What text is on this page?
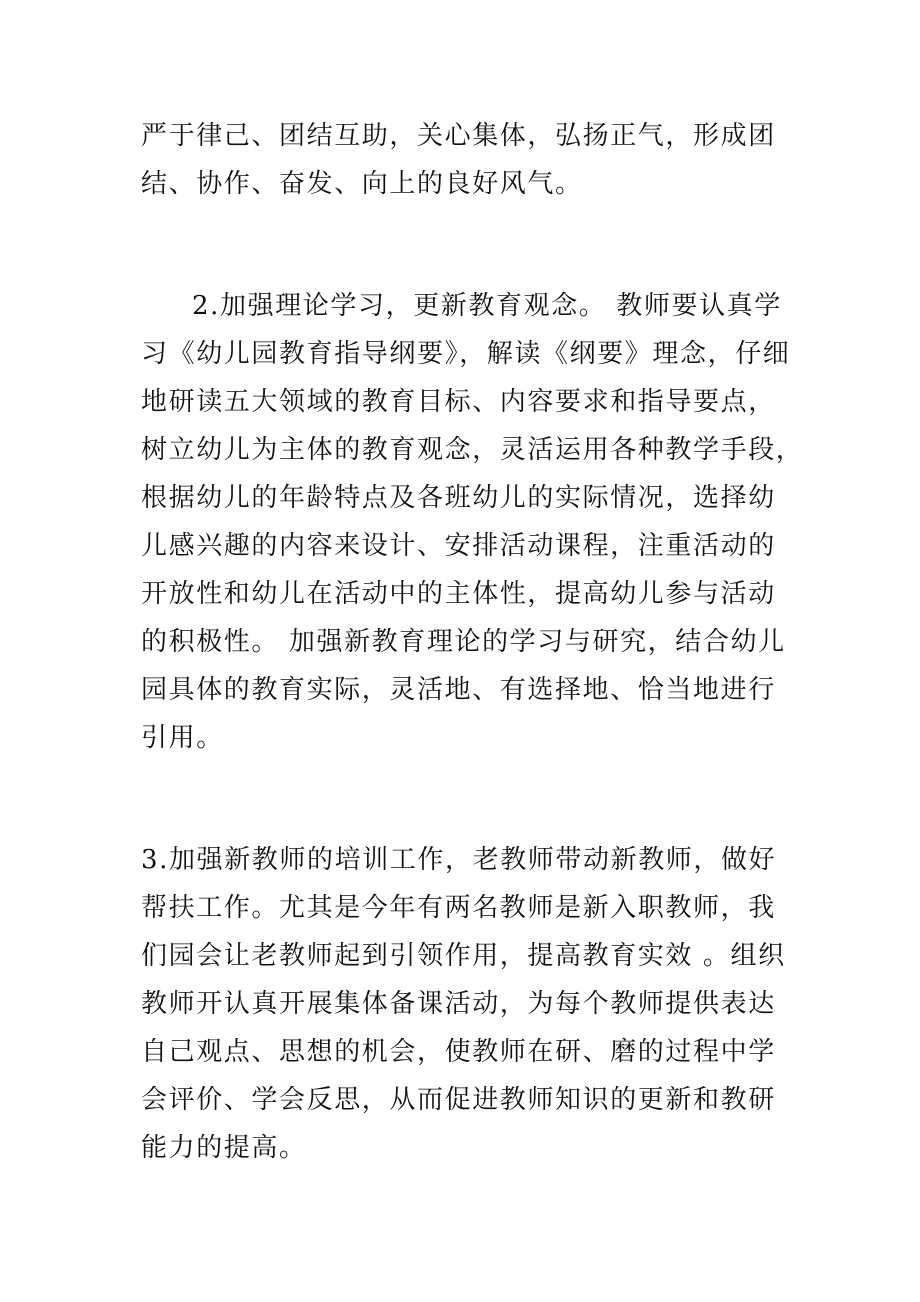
严于律己、团结互助，关心集体，弘扬正气，形成团
结、协作、奋发、向上的良好风气。
2.加强理论学习，更新教育观念。 教师要认真学
习《幼儿园教育指导纲要》，解读《纲要》理念，仔细
地研读五大领域的教育目标、内容要求和指导要点，
树立幼儿为主体的教育观念，灵活运用各种教学手段，
根据幼儿的年龄特点及各班幼儿的实际情况，选择幼
儿感兴趣的内容来设计、安排活动课程，注重活动的
开放性和幼儿在活动中的主体性，提高幼儿参与活动
的积极性。 加强新教育理论的学习与研究，结合幼儿
园具体的教育实际，灵活地、有选择地、恰当地进行
引用。
3.加强新教师的培训工作，老教师带动新教师，做好
帮扶工作。尤其是今年有两名教师是新入职教师，我
们园会让老教师起到引领作用，提高教育实效 。组织
教师开认真开展集体备课活动，为每个教师提供表达
自己观点、思想的机会，使教师在研、磨的过程中学
会评价、学会反思，从而促进教师知识的更新和教研
能力的提高。
